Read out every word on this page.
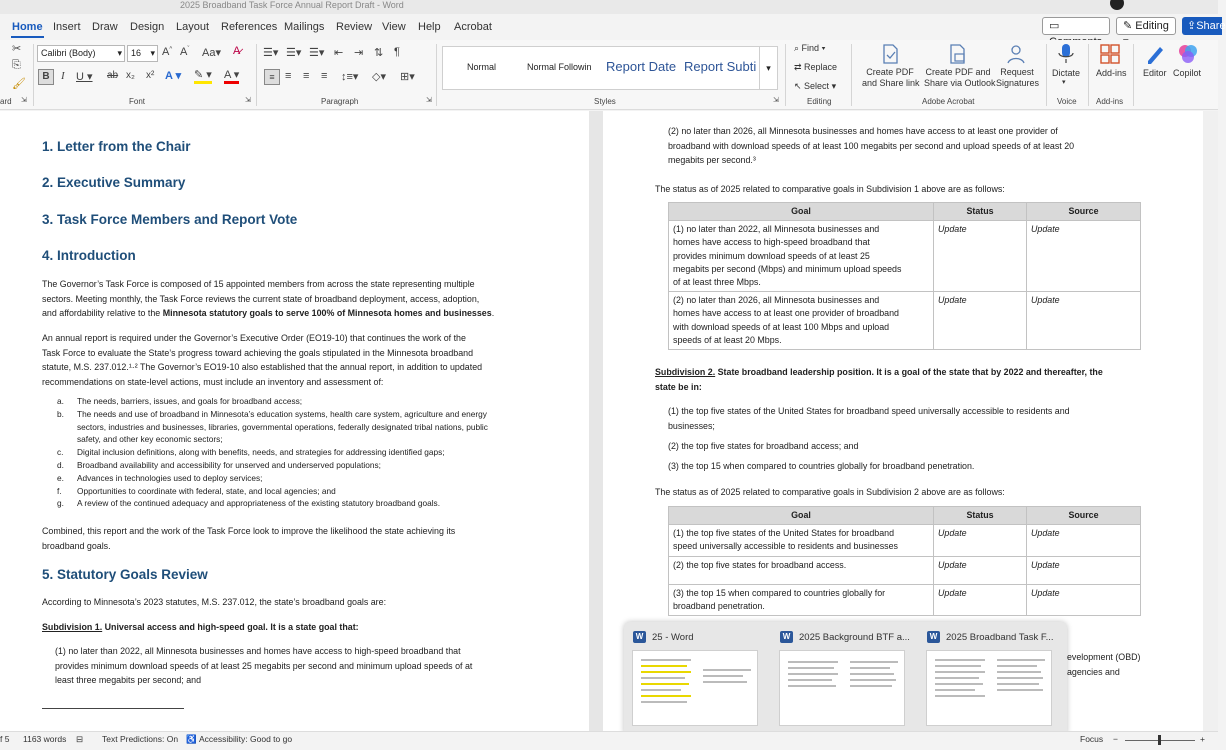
2025 Broadband Task Force Annual Report Draft - Word
Home Insert Draw Design Layout References Mailings Review View Help Acrobat	▭	✎ Editing	⇪Share
✂
⎘
🖌
ard ⇲
Calibri (Body) ▾	16 ▾ A^ $A^ˇ$ Aa▾ A̷
B	I U ▾ ab x₂ x² A ▾ ✎ ▾ A ▾
Font	⇲
☰▾ ☰▾ ☰▾ ⇤ ⇥ ⇅ ¶
≡ ≡ ≡ ≡ ↕≡▾ ◇▾ ⊞▾
Paragraph	⇲
Normal	Normal Followin Report Date Report Subti	▾
Styles	⇲
⌕ Find ▾
⇄ Replace
↖ Select ▾
Editing
Create PDF
and Share link
Create PDF and
Share via Outlook
Request
Signatures
Adobe Acrobat
Dictate
▾
Voice
Add-ins
Add-ins
Editor Copilot
1. Letter from the Chair
2. Executive Summary
3. Task Force Members and Report Vote
4. Introduction
The Governor’s Task Force is composed of 15 appointed members from across the state representing multiple
sectors. Meeting monthly, the Task Force reviews the current state of broadband deployment, access, adoption,
and affordability relative to the Minnesota statutory goals to serve 100% of Minnesota homes and businesses.
An annual report is required under the Governor’s Executive Order (EO19-10) that continues the work of the
Task Force to evaluate the State’s progress toward achieving the goals stipulated in the Minnesota broadband
statute, M.S. 237.012.¹·² The Governor’s EO19-10 also established that the annual report, in addition to updated
recommendations on state-level actions, must include an inventory and assessment of:
a. The needs, barriers, issues, and goals for broadband access;
b. The needs and use of broadband in Minnesota’s education systems, health care system, agriculture and energy
sectors, industries and businesses, libraries, governmental operations, federally designated tribal nations, public
safety, and other key economic sectors;
c. Digital inclusion definitions, along with benefits, needs, and strategies for addressing identified gaps;
d. Broadband availability and accessibility for unserved and underserved populations;
e. Advances in technologies used to deploy services;
f. Opportunities to coordinate with federal, state, and local agencies; and
g. A review of the continued adequacy and appropriateness of the existing statutory broadband goals.
Combined, this report and the work of the Task Force look to improve the likelihood the state achieving its
broadband goals.
5. Statutory Goals Review
According to Minnesota’s 2023 statutes, M.S. 237.012, the state’s broadband goals are:
Subdivision 1. Universal access and high-speed goal. It is a state goal that:
(1) no later than 2022, all Minnesota businesses and homes have access to high-speed broadband that
provides minimum download speeds of at least 25 megabits per second and minimum upload speeds of at
least three megabits per second; and
(2) no later than 2026, all Minnesota businesses and homes have access to at least one provider of
broadband with download speeds of at least 100 megabits per second and upload speeds of at least 20
megabits per second.³
The status as of 2025 related to comparative goals in Subdivision 1 above are as follows:
Goal	Status	Source

(1) no later than 2022, all Minnesota businesses and
homes have access to high-speed broadband that
provides minimum download speeds of at least 25
megabits per second (Mbps) and minimum upload speeds
of at least three Mbps.	Update	Update

(2) no later than 2026, all Minnesota businesses and
homes have access to at least one provider of broadband
with download speeds of at least 100 Mbps and upload
speeds of at least 20 Mbps.	Update	Update
Subdivision 2. State broadband leadership position. It is a goal of the state that by 2022 and thereafter, the
state be in:
(1) the top five states of the United States for broadband speed universally accessible to residents and
businesses;
(2) the top five states for broadband access; and
(3) the top 15 when compared to countries globally for broadband penetration.
The status as of 2025 related to comparative goals in Subdivision 2 above are as follows:
Goal	Status	Source

(1) the top five states of the United States for broadband
speed universally accessible to residents and businesses	Update	Update

(2) the top five states for broadband access.	Update	Update

(3) the top 15 when compared to countries globally for
broadband penetration.	Update	Update
evelopment (OBD)
agencies and
W 25 - Word	W 2025 Background BTF a...	W 2025 Broadband Task F...
f 5 1163 words ⊟ Text Predictions: On ♿ Accessibility: Good to go	Focus −	+
